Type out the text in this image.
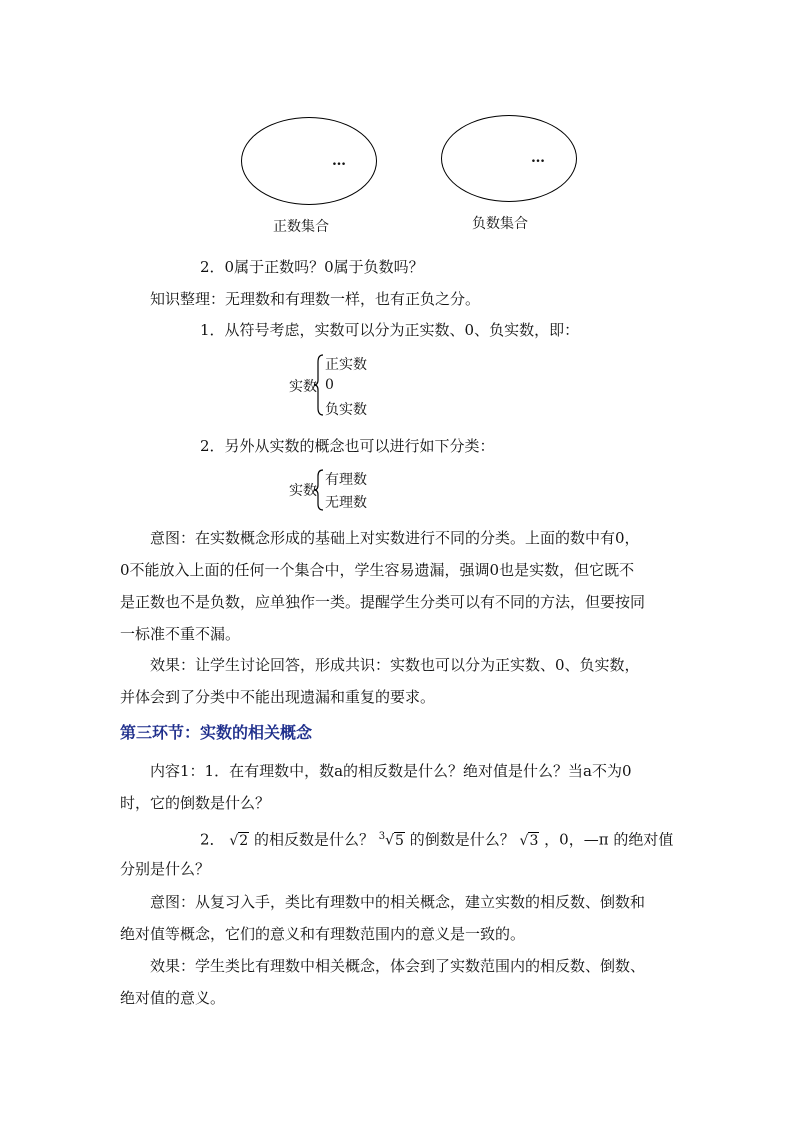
…	…
正数集合	负数集合
2．0属于正数吗？0属于负数吗？
知识整理：无理数和有理数一样，也有正负之分。
1．从符号考虑，实数可以分为正实数、0、负实数，即：
实数
正实数
0
负实数
2．另外从实数的概念也可以进行如下分类：
实数
有理数
无理数
意图：在实数概念形成的基础上对实数进行不同的分类。上面的数中有0，
0不能放入上面的任何一个集合中，学生容易遗漏，强调0也是实数，但它既不
是正数也不是负数，应单独作一类。提醒学生分类可以有不同的方法，但要按同
一标准不重不漏。
效果：让学生讨论回答，形成共识：实数也可以分为正实数、0、负实数，
并体会到了分类中不能出现遗漏和重复的要求。
第三环节：实数的相关概念
内容1：1．在有理数中，数a的相反数是什么？绝对值是什么？当a不为0
时，它的倒数是什么？
2． √2 的相反数是什么？ $^3$√5 的倒数是什么？ √3 ，0，—π 的绝对值
分别是什么？
意图：从复习入手，类比有理数中的相关概念，建立实数的相反数、倒数和
绝对值等概念，它们的意义和有理数范围内的意义是一致的。
效果：学生类比有理数中相关概念，体会到了实数范围内的相反数、倒数、
绝对值的意义。
